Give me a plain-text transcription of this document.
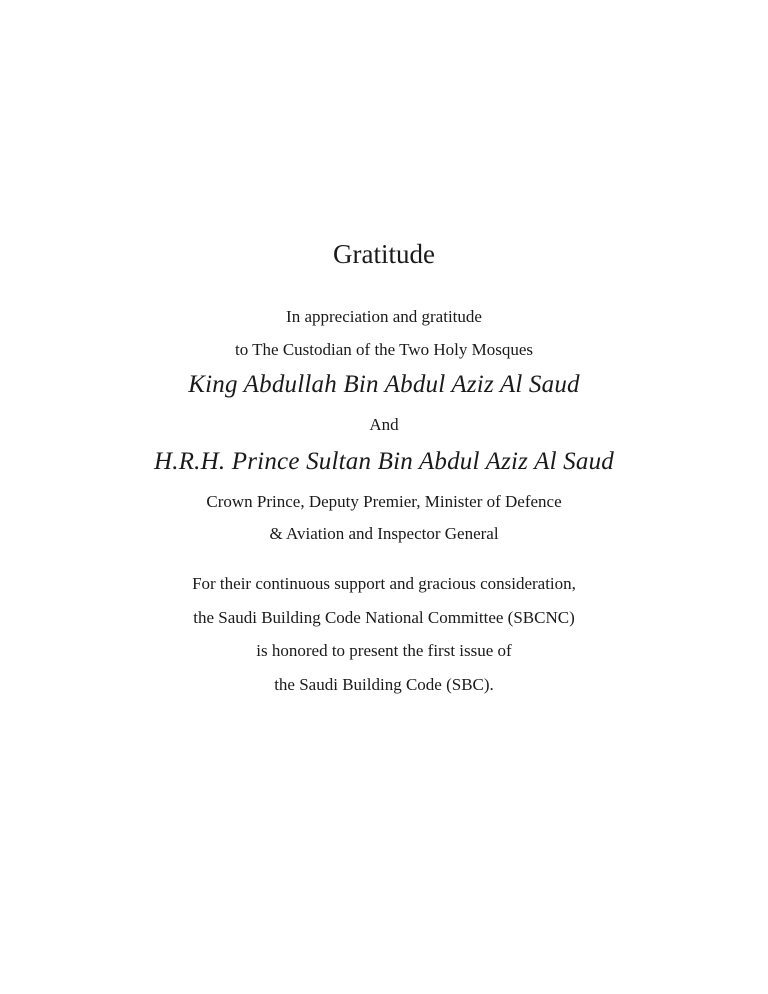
Gratitude
In appreciation and gratitude
to The Custodian of the Two Holy Mosques
King Abdullah Bin Abdul Aziz Al Saud
And
H.R.H. Prince Sultan Bin Abdul Aziz Al Saud
Crown Prince, Deputy Premier, Minister of Defence
& Aviation and Inspector General
For their continuous support and gracious consideration,
the Saudi Building Code National Committee (SBCNC)
is honored to present the first issue of
the Saudi Building Code (SBC).
